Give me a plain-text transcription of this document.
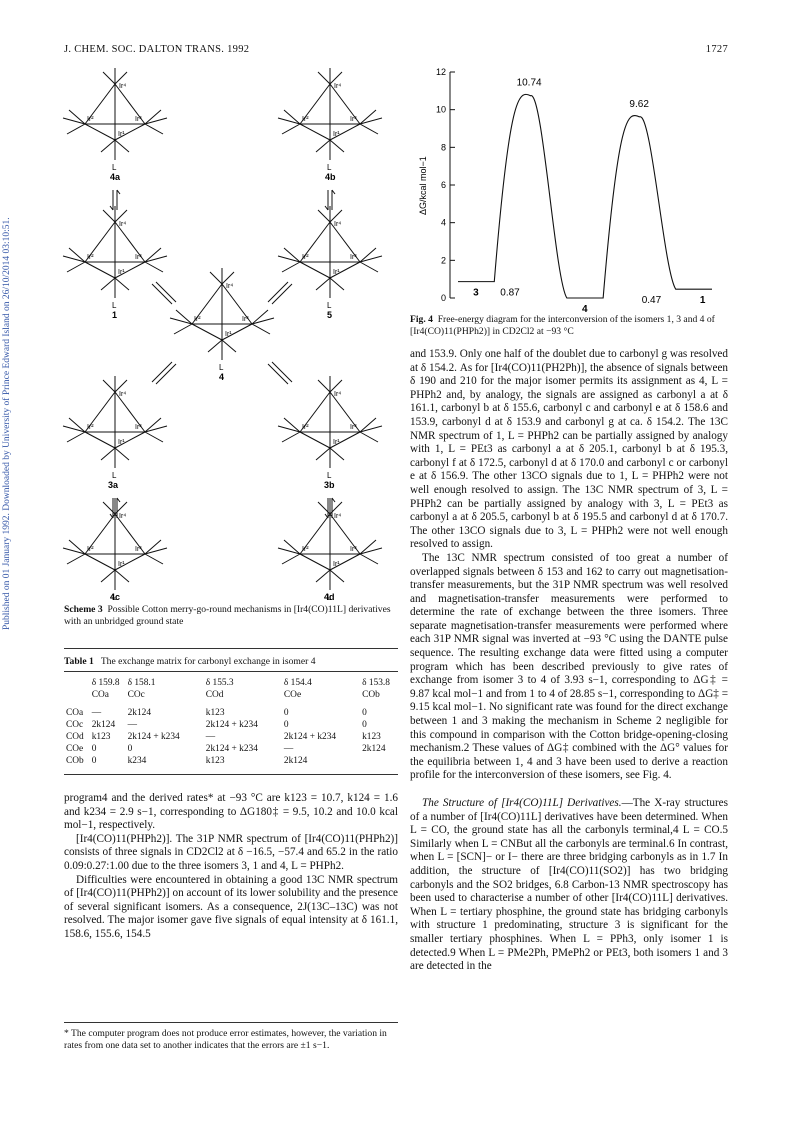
J. CHEM. SOC. DALTON TRANS. 1992	1727
Published on 01 January 1992. Downloaded by University of Prince Edward Island on 26/10/2014 03:10:51.
Ir⁴
Ir²	Ir³
Ir¹
L
4a	4b
1	5
4
3a	3b
4c	4d
Scheme 3 Possible Cotton merry-go-round mechanisms in [Ir4(CO)11L] derivatives with an unbridged ground state
Table 1 The exchange matrix for carbonyl exchange in isomer 4
	δ 159.8	δ 158.1	δ 155.3	δ 154.4	δ 153.8
	COa	COc	COd	COe	COb

COa	—	2k124	k123	0	0
COc	2k124	—	2k124 + k234	0	0
COd	k123	2k124 + k234	—	2k124 + k234	k123
COe	0	0	2k124 + k234	—	2k124
COb	0	k234	k123	2k124	

program4 and the derived rates* at −93 °C are k123 = 10.7, k124 = 1.6 and k234 = 2.9 s−1, corresponding to ΔG180‡ = 9.5, 10.2 and 10.0 kcal mol−1, respectively.

[Ir4(CO)11(PHPh2)]. The 31P NMR spectrum of [Ir4(CO)11(PHPh2)] consists of three signals in CD2Cl2 at δ −16.5, −57.4 and 65.2 in the ratio 0.09:0.27:1.00 due to the three isomers 3, 1 and 4, L = PHPh2.

Difficulties were encountered in obtaining a good 13C NMR spectrum of [Ir4(CO)11(PHPh2)] on account of its lower solubility and the presence of several significant isomers. As a consequence, 2J(13C–13C) was not resolved. The major isomer gave five signals of equal intensity at δ 161.1, 158.6, 155.6, 154.5

* The computer program does not produce error estimates, however, the variation in rates from one data set to another indicates that the errors are ±1 s−1.
0
2
4
6
8
10
12
10.74
9.62
0.87
0.47
3
4
1
ΔG/kcal mol−1
Fig. 4 Free-energy diagram for the interconversion of the isomers 1, 3 and 4 of [Ir4(CO)11(PHPh2)] in CD2Cl2 at −93 °C

and 153.9. Only one half of the doublet due to carbonyl g was resolved at δ 154.2. As for [Ir4(CO)11(PH2Ph)], the absence of signals between δ 190 and 210 for the major isomer permits its assignment as 4, L = PHPh2 and, by analogy, the signals are assigned as carbonyl a at δ 161.1, carbonyl b at δ 155.6, carbonyl c and carbonyl e at δ 158.6 and 153.9, carbonyl d at δ 153.9 and carbonyl g at ca. δ 154.2. The 13C NMR spectrum of 1, L = PHPh2 can be partially assigned by analogy with 1, L = PEt3 as carbonyl a at δ 205.1, carbonyl b at δ 195.3, carbonyl f at δ 172.5, carbonyl d at δ 170.0 and carbonyl c or carbonyl e at δ 156.9. The other 13CO signals due to 1, L = PHPh2 were not well enough resolved to assign. The 13C NMR spectrum of 3, L = PHPh2 can be partially assigned by analogy with 3, L = PEt3 as carbonyl a at δ 205.5, carbonyl b at δ 195.5 and carbonyl d at δ 170.7. The other 13CO signals due to 3, L = PHPh2 were not well enough resolved to assign.

The 13C NMR spectrum consisted of too great a number of overlapped signals between δ 153 and 162 to carry out magnetisation-transfer measurements, but the 31P NMR spectrum was well resolved and magnetisation-transfer measurements were performed to determine the rate of exchange between the three isomers. Three separate magnetisation-transfer measurements were performed where each 31P NMR signal was inverted at −93 °C using the DANTE pulse sequence. The resulting exchange data were fitted using a computer program which has been described previously to give rates of exchange from isomer 3 to 4 of 3.93 s−1, corresponding to ΔG‡ = 9.87 kcal mol−1 and from 1 to 4 of 28.85 s−1, corresponding to ΔG‡ = 9.15 kcal mol−1. No significant rate was found for the direct exchange between 1 and 3 making the mechanism in Scheme 2 negligible for this compound in comparison with the Cotton bridge-opening-closing mechanism.2 These values of ΔG‡ combined with the ΔG° values for the equilibria between 1, 4 and 3 have been used to derive a reaction profile for the interconversion of these isomers, see Fig. 4.

The Structure of [Ir4(CO)11L] Derivatives.—The X-ray structures of a number of [Ir4(CO)11L] derivatives have been determined. When L = CO, the ground state has all the carbonyls terminal,4 L = CO.5 Similarly when L = CNBut all the carbonyls are terminal.6 In contrast, when L = [SCN]− or I− there are three bridging carbonyls as in 1.7 In addition, the structure of [Ir4(CO)11(SO2)] has two bridging carbonyls and the SO2 bridges, 6.8 Carbon-13 NMR spectroscopy has been used to characterise a number of other [Ir4(CO)11L] derivatives. When L = tertiary phosphine, the ground state has bridging carbonyls with structure 1 predominating, structure 3 is significant for the smaller tertiary phosphines. When L = PPh3, only isomer 1 is detected.9 When L = PMe2Ph, PMePh2 or PEt3, both isomers 1 and 3 are detected in the
